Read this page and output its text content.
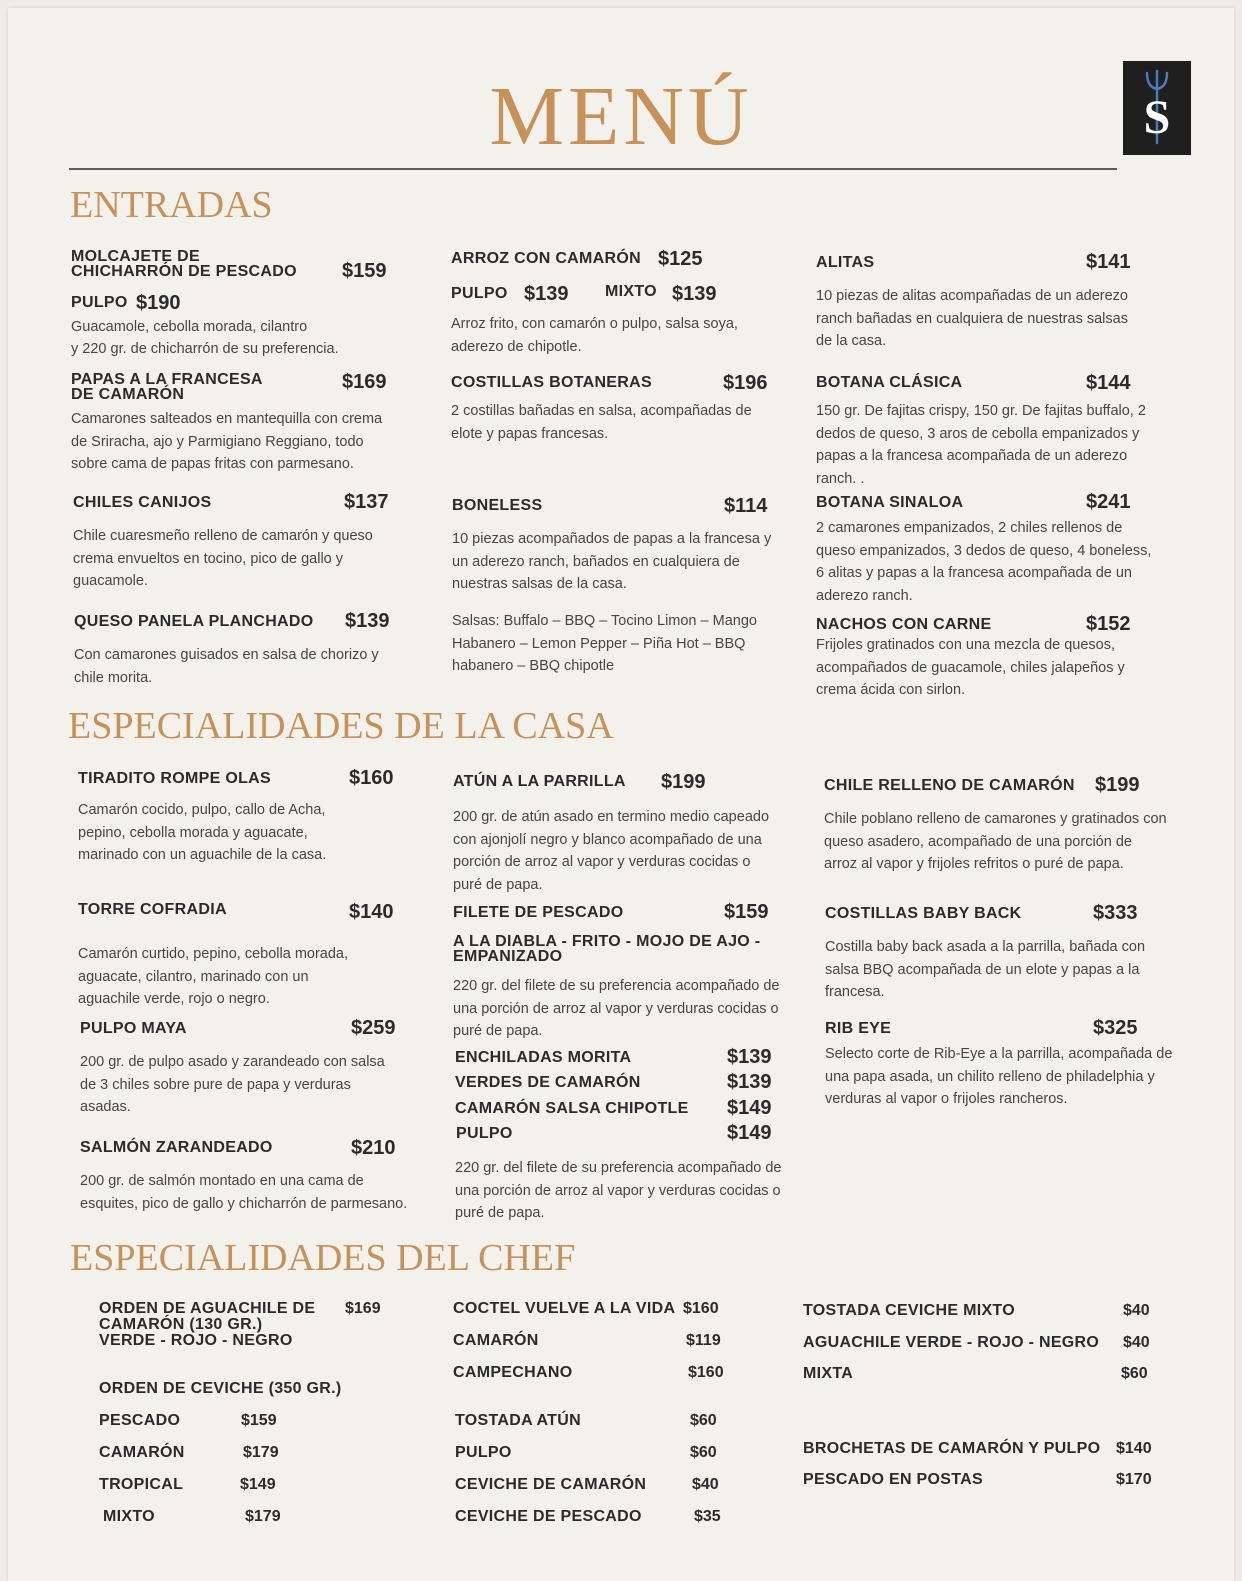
MENÚ	S
ENTRADAS
MOLCAJETE DE
CHICHARRÓN DE PESCADO $159
PULPO $190
Guacamole, cebolla morada, cilantro
y 220 gr. de chicharrón de su preferencia.
PAPAS A LA FRANCESA
DE CAMARÓN
$169
Camarones salteados en mantequilla con crema de Sriracha, ajo y Parmigiano Reggiano, todo sobre cama de papas fritas con parmesano.
CHILES CANIJOS	$137
Chile cuaresmeño relleno de camarón y queso crema envueltos en tocino, pico de gallo y guacamole.
QUESO PANELA PLANCHADO $139
Con camarones guisados en salsa de chorizo y chile morita.
ARROZ CON CAMARÓN $125
PULPO $139 MIXTO $139
Arroz frito, con camarón o pulpo, salsa soya, aderezo de chipotle.
COSTILLAS BOTANERAS	$196
2 costillas bañadas en salsa, acompañadas de elote y papas francesas.
BONELESS	$114
10 piezas acompañados de papas a la francesa y un aderezo ranch, bañados en cualquiera de nuestras salsas de la casa.
Salsas: Buffalo – BBQ – Tocino Limon – Mango Habanero – Lemon Pepper – Piña Hot – BBQ habanero – BBQ chipotle
ALITAS	$141
10 piezas de alitas acompañadas de un aderezo ranch bañadas en cualquiera de nuestras salsas de la casa.
BOTANA CLÁSICA	$144
150 gr. De fajitas crispy, 150 gr. De fajitas buffalo, 2 dedos de queso, 3 aros de cebolla empanizados y papas a la francesa acompañada de un aderezo ranch. .
BOTANA SINALOA	$241
2 camarones empanizados, 2 chiles rellenos de queso empanizados, 3 dedos de queso, 4 boneless, 6 alitas y papas a la francesa acompañada de un aderezo ranch.
NACHOS CON CARNE	$152
Frijoles gratinados con una mezcla de quesos, acompañados de guacamole, chiles jalapeños y crema ácida con sirlon.
ESPECIALIDADES DE LA CASA
TIRADITO ROMPE OLAS	$160
Camarón cocido, pulpo, callo de Acha, pepino, cebolla morada y aguacate, marinado con un aguachile de la casa.
TORRE COFRADIA	$140
Camarón curtido, pepino, cebolla morada, aguacate, cilantro, marinado con un aguachile verde, rojo o negro.
PULPO MAYA	$259
200 gr. de pulpo asado y zarandeado con salsa de 3 chiles sobre pure de papa y verduras asadas.
SALMÓN ZARANDEADO	$210
200 gr. de salmón montado en una cama de esquites, pico de gallo y chicharrón de parmesano.
ATÚN A LA PARRILLA $199
200 gr. de atún asado en termino medio capeado con ajonjolí negro y blanco acompañado de una porción de arroz al vapor y verduras cocidas o puré de papa.
FILETE DE PESCADO	$159
A LA DIABLA - FRITO - MOJO DE AJO -
EMPANIZADO
220 gr. del filete de su preferencia acompañado de una porción de arroz al vapor y verduras cocidas o puré de papa.
ENCHILADAS MORITA	$139
VERDES DE CAMARÓN	$139
CAMARÓN SALSA CHIPOTLE $149
PULPO	$149
220 gr. del filete de su preferencia acompañado de una porción de arroz al vapor y verduras cocidas o puré de papa.
CHILE RELLENO DE CAMARÓN $199
Chile poblano relleno de camarones y gratinados con queso asadero, acompañado de una porción de arroz al vapor y frijoles refritos o puré de papa.
COSTILLAS BABY BACK	$333
Costilla baby back asada a la parrilla, bañada con salsa BBQ acompañada de un elote y papas a la francesa.
RIB EYE	$325
Selecto corte de Rib-Eye a la parrilla, acompañada de una papa asada, un chilito relleno de philadelphia y verduras al vapor o frijoles rancheros.
ESPECIALIDADES DEL CHEF
ORDEN DE AGUACHILE DE
CAMARÓN (130 GR.)
VERDE - ROJO - NEGRO
$169
ORDEN DE CEVICHE (350 GR.)
PESCADO	$159
CAMARÓN	$179
TROPICAL	$149
MIXTO	$179
COCTEL VUELVE A LA VIDA $160
CAMARÓN	$119
CAMPECHANO	$160
TOSTADA ATÚN	$60
PULPO	$60
CEVICHE DE CAMARÓN	$40
CEVICHE DE PESCADO	$35
TOSTADA CEVICHE MIXTO	$40
AGUACHILE VERDE - ROJO - NEGRO $40
MIXTA	$60
BROCHETAS DE CAMARÓN Y PULPO $140
PESCADO EN POSTAS	$170
